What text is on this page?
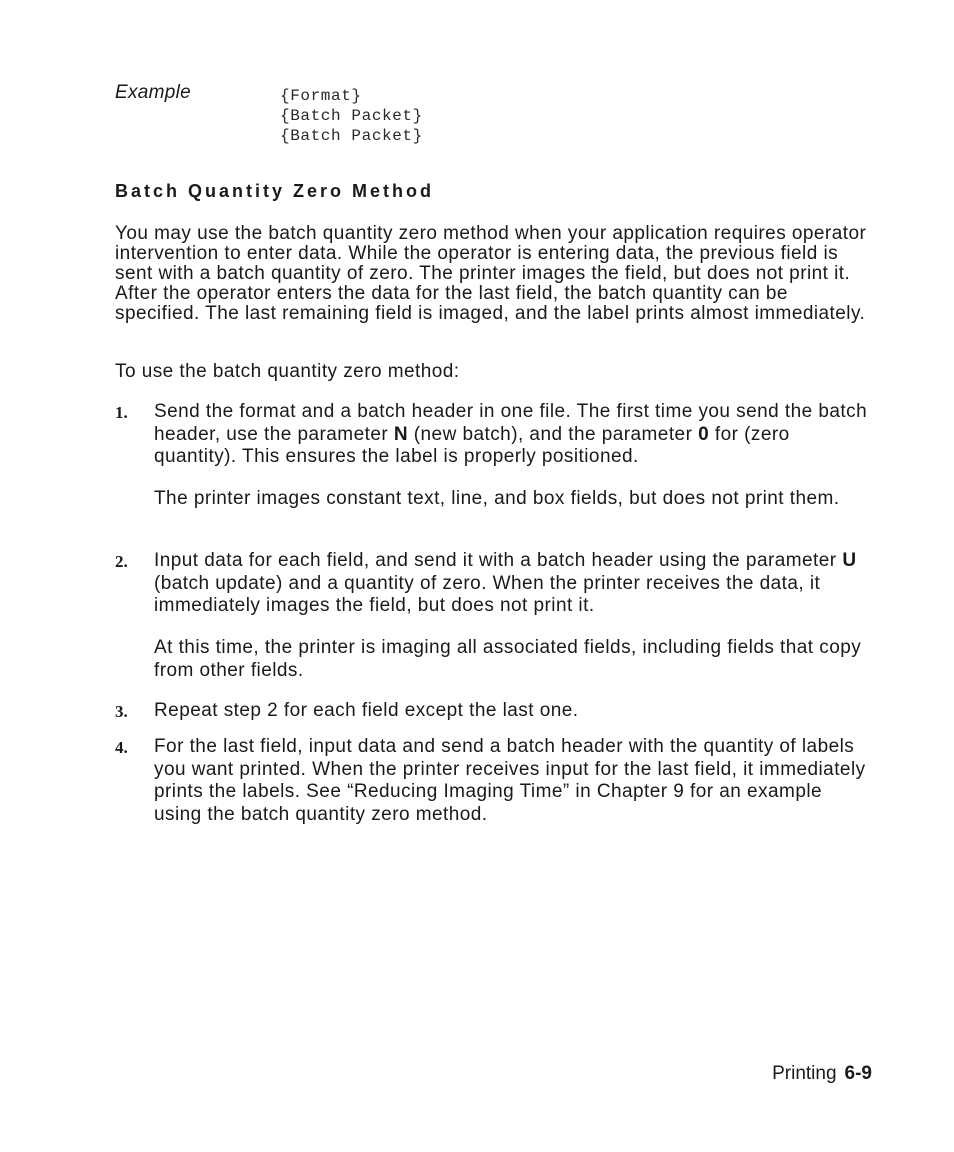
Example	{Format}
{Batch Packet}
{Batch Packet}
Batch Quantity Zero Method
You may use the batch quantity zero method when your application requires operator intervention to enter data. While the operator is entering data, the previous field is sent with a batch quantity of zero. The printer images the field, but does not print it. After the operator enters the data for the last field, the batch quantity can be specified. The last remaining field is imaged, and the label prints almost immediately.
To use the batch quantity zero method:
1. Send the format and a batch header in one file. The first time you send the batch header, use the parameter N (new batch), and the parameter 0 for (zero quantity). This ensures the label is properly positioned.
The printer images constant text, line, and box fields, but does not print them.
2. Input data for each field, and send it with a batch header using the parameter U (batch update) and a quantity of zero. When the printer receives the data, it immediately images the field, but does not print it.
At this time, the printer is imaging all associated fields, including fields that copy from other fields.
3. Repeat step 2 for each field except the last one.
4. For the last field, input data and send a batch header with the quantity of labels you want printed. When the printer receives input for the last field, it immediately prints the labels. See “Reducing Imaging Time” in Chapter 9 for an example using the batch quantity zero method.
Printing 6-9
